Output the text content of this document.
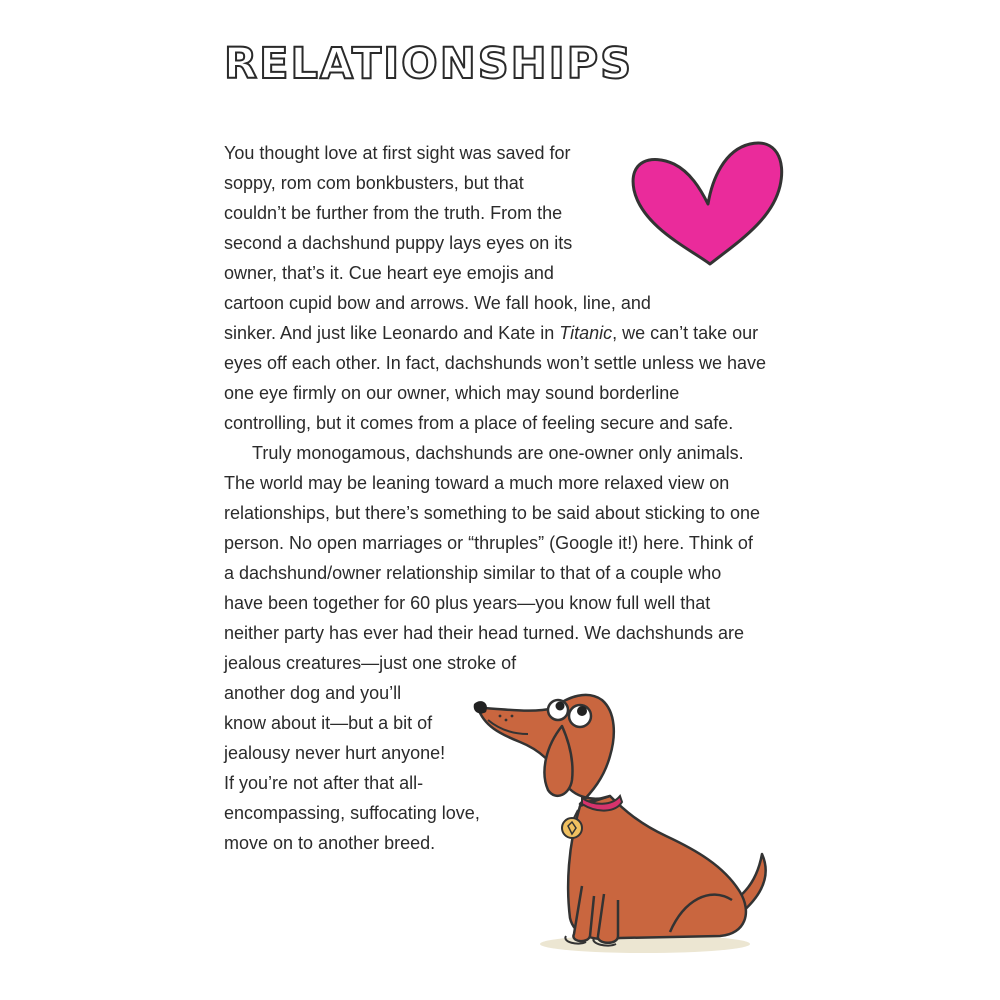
RELATIONSHIPS
You thought love at first sight was saved for
soppy, rom com bonkbusters, but that
couldn’t be further from the truth. From the
second a dachshund puppy lays eyes on its
owner, that’s it. Cue heart eye emojis and
cartoon cupid bow and arrows. We fall hook, line, and
sinker. And just like Leonardo and Kate in Titanic, we can’t take our
eyes off each other. In fact, dachshunds won’t settle unless we have
one eye firmly on our owner, which may sound borderline
controlling, but it comes from a place of feeling secure and safe.
Truly monogamous, dachshunds are one-owner only animals.
The world may be leaning toward a much more relaxed view on
relationships, but there’s something to be said about sticking to one
person. No open marriages or “thruples” (Google it!) here. Think of
a dachshund/owner relationship similar to that of a couple who
have been together for 60 plus years—you know full well that
neither party has ever had their head turned. We dachshunds are
jealous creatures—just one stroke of
another dog and you’ll
know about it—but a bit of
jealousy never hurt anyone!
If you’re not after that all-
encompassing, suffocating love,
move on to another breed.
